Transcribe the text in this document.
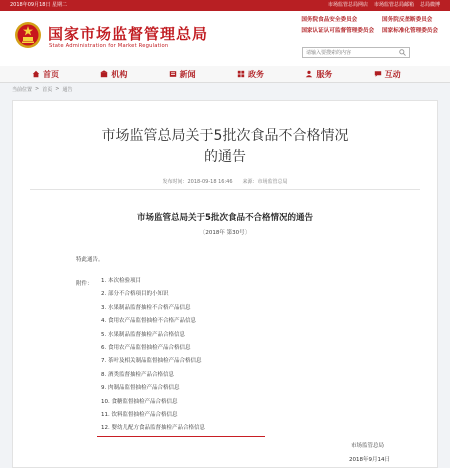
2018年09月18日 星期二	市场监管总局网店 市场监管总局邮箱 总局微博
国家市场监督管理总局
State Administration for Market Regulation
国务院食品安全委员会	国务院反垄断委员会
国家认证认可监督管理委员会 国家标准化管理委员会
请输入要搜索的内容
首页	机构	新闻	政务	服务	互动
当前位置 > 首页 > 通告
市场监管总局关于5批次食品不合格情况的通告
发布时间：2018-09-18 16:46 来源：市场监管总局
市场监管总局关于5批次食品不合格情况的通告
〔2018年 第30号〕
特此通告。
附件： 1. 本次检验项目
2. 部分不合格项目的小知识
3. 水果制品监督抽检不合格产品信息
4. 食用农产品监督抽检不合格产品信息
5. 水果制品监督抽检产品合格信息
6. 食用农产品监督抽检产品合格信息
7. 茶叶及相关制品监督抽检产品合格信息
8. 酒类监督抽检产品合格信息
9. 肉制品监督抽检产品合格信息
10. 食糖监督抽检产品合格信息
11. 饮料监督抽检产品合格信息
12. 婴幼儿配方食品监督抽检产品合格信息
市场监管总局
2018年9月14日
